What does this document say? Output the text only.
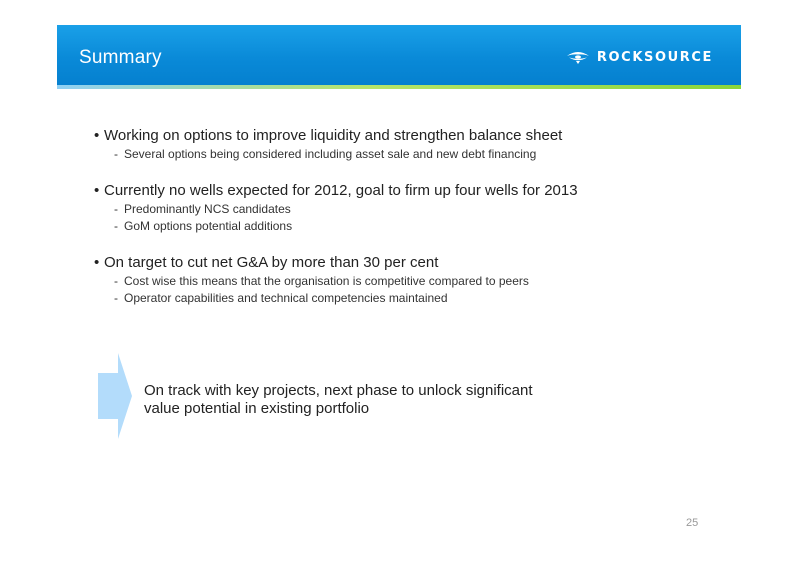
Summary	ROCKSOURCE
• Working on options to improve liquidity and strengthen balance sheet
- Several options being considered including asset sale and new debt financing
• Currently no wells expected for 2012, goal to firm up four wells for 2013
- Predominantly NCS candidates
- GoM options potential additions
• On target to cut net G&A by more than 30 per cent
- Cost wise this means that the organisation is competitive compared to peers
- Operator capabilities and technical competencies maintained
On track with key projects, next phase to unlock significant
value potential in existing portfolio
25
